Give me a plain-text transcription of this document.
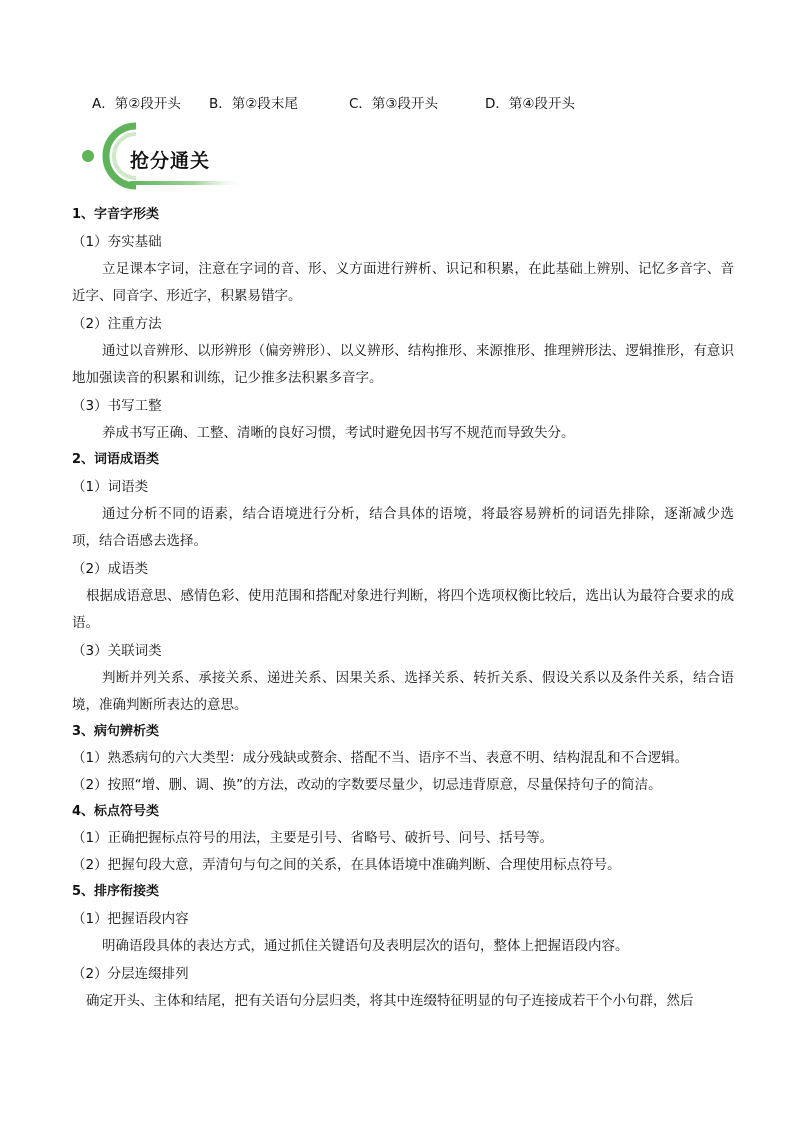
A．第②段开头 B．第②段末尾	C．第③段开头	D．第④段开头
抢分通关
1、字音字形类
（1）夯实基础
立足课本字词，注意在字词的音、形、义方面进行辨析、识记和积累，在此基础上辨别、记忆多音字、音近字、同音字、形近字，积累易错字。
（2）注重方法
通过以音辨形、以形辨形（偏旁辨形）、以义辨形、结构推形、来源推形、推理辨形法、逻辑推形，有意识地加强读音的积累和训练，记少推多法积累多音字。
（3）书写工整
养成书写正确、工整、清晰的良好习惯，考试时避免因书写不规范而导致失分。
2、词语成语类
（1）词语类
通过分析不同的语素，结合语境进行分析，结合具体的语境，将最容易辨析的词语先排除，逐渐减少选项，结合语感去选择。
（2）成语类
根据成语意思、感情色彩、使用范围和搭配对象进行判断，将四个选项权衡比较后，选出认为最符合要求的成语。
（3）关联词类
判断并列关系、承接关系、递进关系、因果关系、选择关系、转折关系、假设关系以及条件关系，结合语境，准确判断所表达的意思。
3、病句辨析类
（1）熟悉病句的六大类型：成分残缺或赘余、搭配不当、语序不当、表意不明、结构混乱和不合逻辑。
（2）按照“增、删、调、换”的方法，改动的字数要尽量少，切忌违背原意，尽量保持句子的简洁。
4、标点符号类
（1）正确把握标点符号的用法，主要是引号、省略号、破折号、问号、括号等。
（2）把握句段大意，弄清句与句之间的关系，在具体语境中准确判断、合理使用标点符号。
5、排序衔接类
（1）把握语段内容
明确语段具体的表达方式，通过抓住关键语句及表明层次的语句，整体上把握语段内容。
（2）分层连缀排列
确定开头、主体和结尾，把有关语句分层归类，将其中连缀特征明显的句子连接成若干个小句群，然后
